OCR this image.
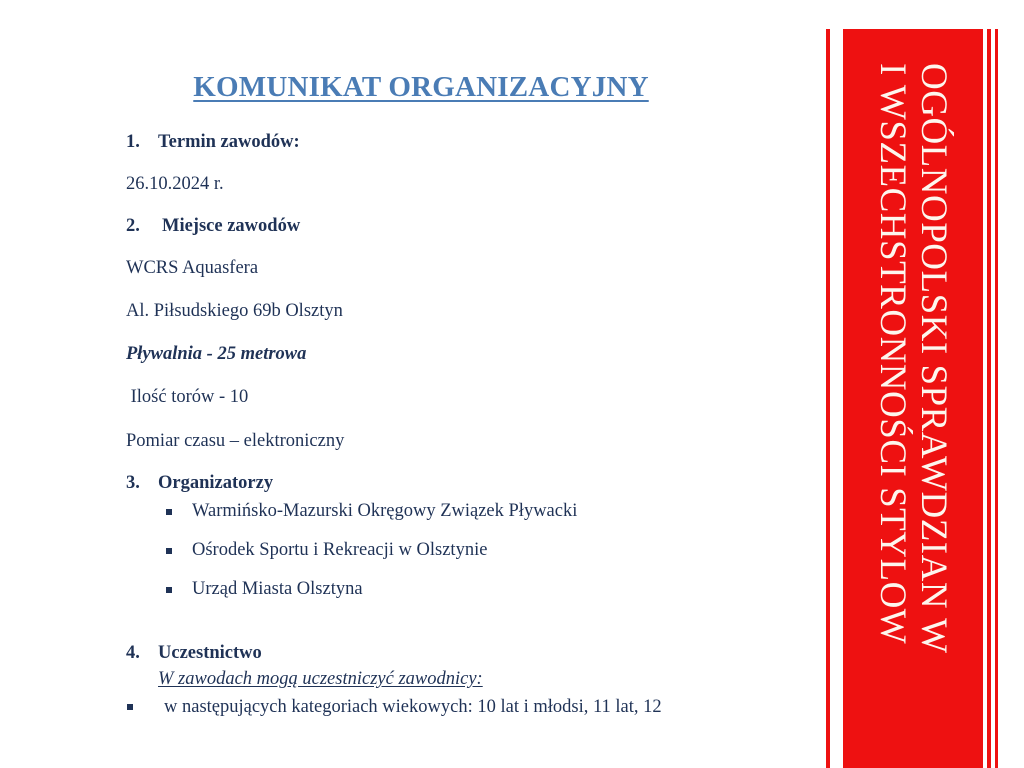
KOMUNIKAT ORGANIZACYJNY
1. Termin zawodów:

26.10.2024 r.

2.	Miejsce zawodów

WCRS Aquasfera

Al. Piłsudskiego 69b Olsztyn

Pływalnia - 25 metrowa

Ilość torów - 10

Pomiar czasu – elektroniczny

3. Organizatorzy
Warmińsko-Mazurski Okręgowy Związek Pływacki
Ośrodek Sportu i Rekreacji w Olsztynie
Urząd Miasta Olsztyna
4. Uczestnictwo
W zawodach mogą uczestniczyć zawodnicy:

w następujących kategoriach wiekowych: 10 lat i młodsi, 11 lat, 12

OGÓLNOPOLSKI SPRAWDZIAN W
I WSZECHSTRONNOŚCI STYLOW
